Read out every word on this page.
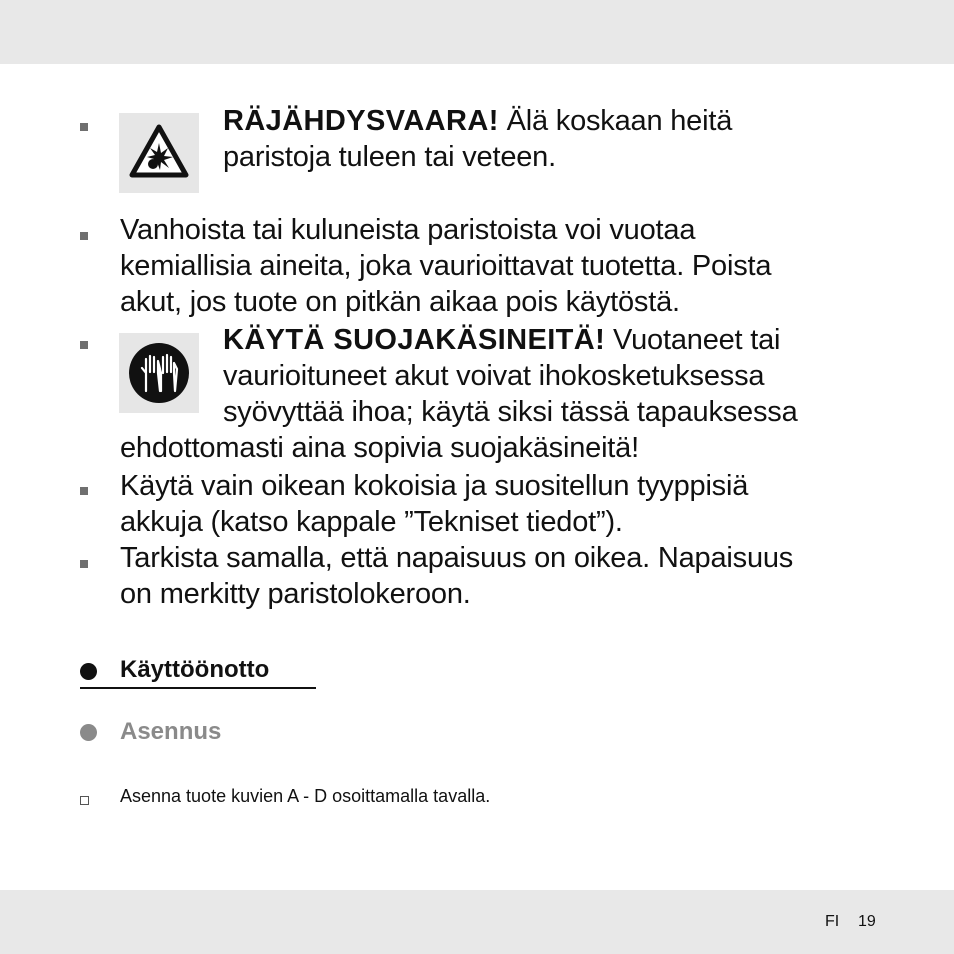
RÄJÄHDYSVAARA! Älä koskaan heitä
paristoja tuleen tai veteen.
Vanhoista tai kuluneista paristoista voi vuotaa
kemiallisia aineita, joka vaurioittavat tuotetta. Poista
akut, jos tuote on pitkän aikaa pois käytöstä.
KÄYTÄ SUOJAKÄSINEITÄ! Vuotaneet tai
vaurioituneet akut voivat ihokosketuksessa
syövyttää ihoa; käytä siksi tässä tapauksessa
ehdottomasti aina sopivia suojakäsineitä!
Käytä vain oikean kokoisia ja suositellun tyyppisiä
akkuja (katso kappale ”Tekniset tiedot”).
Tarkista samalla, että napaisuus on oikea. Napaisuus
on merkitty paristolokeroon.
Käyttöönotto
Asennus
Asenna tuote kuvien A - D osoittamalla tavalla.
FI 19
